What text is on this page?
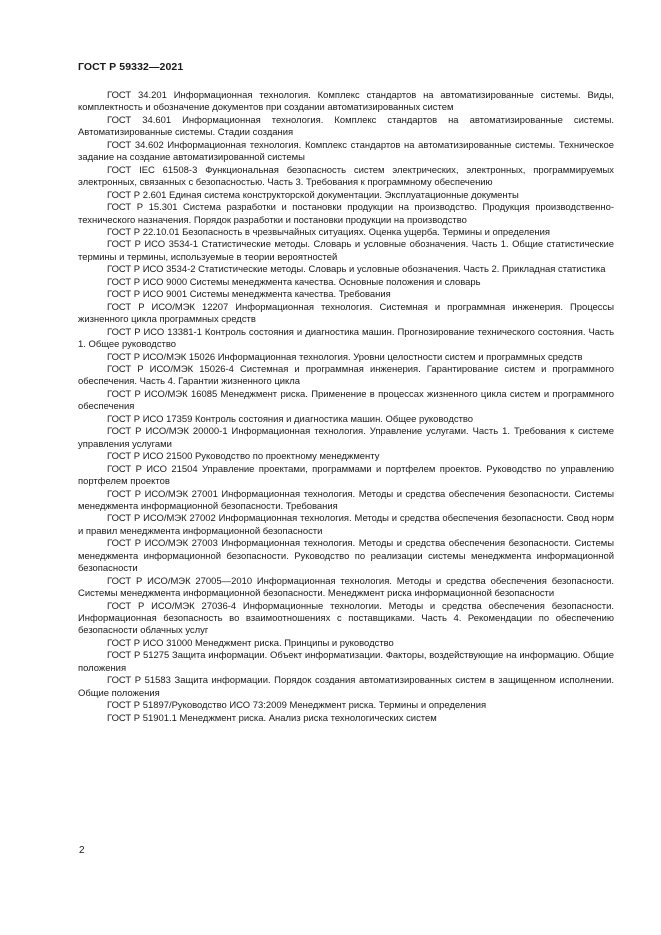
ГОСТ Р 59332—2021
ГОСТ 34.201 Информационная технология. Комплекс стандартов на автоматизированные системы. Виды, комплектность и обозначение документов при создании автоматизированных систем
ГОСТ 34.601 Информационная технология. Комплекс стандартов на автоматизированные системы. Автоматизированные системы. Стадии создания
ГОСТ 34.602 Информационная технология. Комплекс стандартов на автоматизированные системы. Техническое задание на создание автоматизированной системы
ГОСТ IEC 61508-3 Функциональная безопасность систем электрических, электронных, программируемых электронных, связанных с безопасностью. Часть 3. Требования к программному обеспечению
ГОСТ Р 2.601 Единая система конструкторской документации. Эксплуатационные документы
ГОСТ Р 15.301 Система разработки и постановки продукции на производство. Продукция производственно-технического назначения. Порядок разработки и постановки продукции на производство
ГОСТ Р 22.10.01 Безопасность в чрезвычайных ситуациях. Оценка ущерба. Термины и определения
ГОСТ Р ИСО 3534-1 Статистические методы. Словарь и условные обозначения. Часть 1. Общие статистические термины и термины, используемые в теории вероятностей
ГОСТ Р ИСО 3534-2 Статистические методы. Словарь и условные обозначения. Часть 2. Прикладная статистика
ГОСТ Р ИСО 9000 Системы менеджмента качества. Основные положения и словарь
ГОСТ Р ИСО 9001 Системы менеджмента качества. Требования
ГОСТ Р ИСО/МЭК 12207 Информационная технология. Системная и программная инженерия. Процессы жизненного цикла программных средств
ГОСТ Р ИСО 13381-1 Контроль состояния и диагностика машин. Прогнозирование технического состояния. Часть 1. Общее руководство
ГОСТ Р ИСО/МЭК 15026 Информационная технология. Уровни целостности систем и программных средств
ГОСТ Р ИСО/МЭК 15026-4 Системная и программная инженерия. Гарантирование систем и программного обеспечения. Часть 4. Гарантии жизненного цикла
ГОСТ Р ИСО/МЭК 16085 Менеджмент риска. Применение в процессах жизненного цикла систем и программного обеспечения
ГОСТ Р ИСО 17359 Контроль состояния и диагностика машин. Общее руководство
ГОСТ Р ИСО/МЭК 20000-1 Информационная технология. Управление услугами. Часть 1. Требования к системе управления услугами
ГОСТ Р ИСО 21500 Руководство по проектному менеджменту
ГОСТ Р ИСО 21504 Управление проектами, программами и портфелем проектов. Руководство по управлению портфелем проектов
ГОСТ Р ИСО/МЭК 27001 Информационная технология. Методы и средства обеспечения безопасности. Системы менеджмента информационной безопасности. Требования
ГОСТ Р ИСО/МЭК 27002 Информационная технология. Методы и средства обеспечения безопасности. Свод норм и правил менеджмента информационной безопасности
ГОСТ Р ИСО/МЭК 27003 Информационная технология. Методы и средства обеспечения безопасности. Системы менеджмента информационной безопасности. Руководство по реализации системы менеджмента информационной безопасности
ГОСТ Р ИСО/МЭК 27005—2010 Информационная технология. Методы и средства обеспечения безопасности. Системы менеджмента информационной безопасности. Менеджмент риска информационной безопасности
ГОСТ Р ИСО/МЭК 27036-4 Информационные технологии. Методы и средства обеспечения безопасности. Информационная безопасность во взаимоотношениях с поставщиками. Часть 4. Рекомендации по обеспечению безопасности облачных услуг
ГОСТ Р ИСО 31000 Менеджмент риска. Принципы и руководство
ГОСТ Р 51275 Защита информации. Объект информатизации. Факторы, воздействующие на информацию. Общие положения
ГОСТ Р 51583 Защита информации. Порядок создания автоматизированных систем в защищенном исполнении. Общие положения
ГОСТ Р 51897/Руководство ИСО 73:2009 Менеджмент риска. Термины и определения
ГОСТ Р 51901.1 Менеджмент риска. Анализ риска технологических систем
2
